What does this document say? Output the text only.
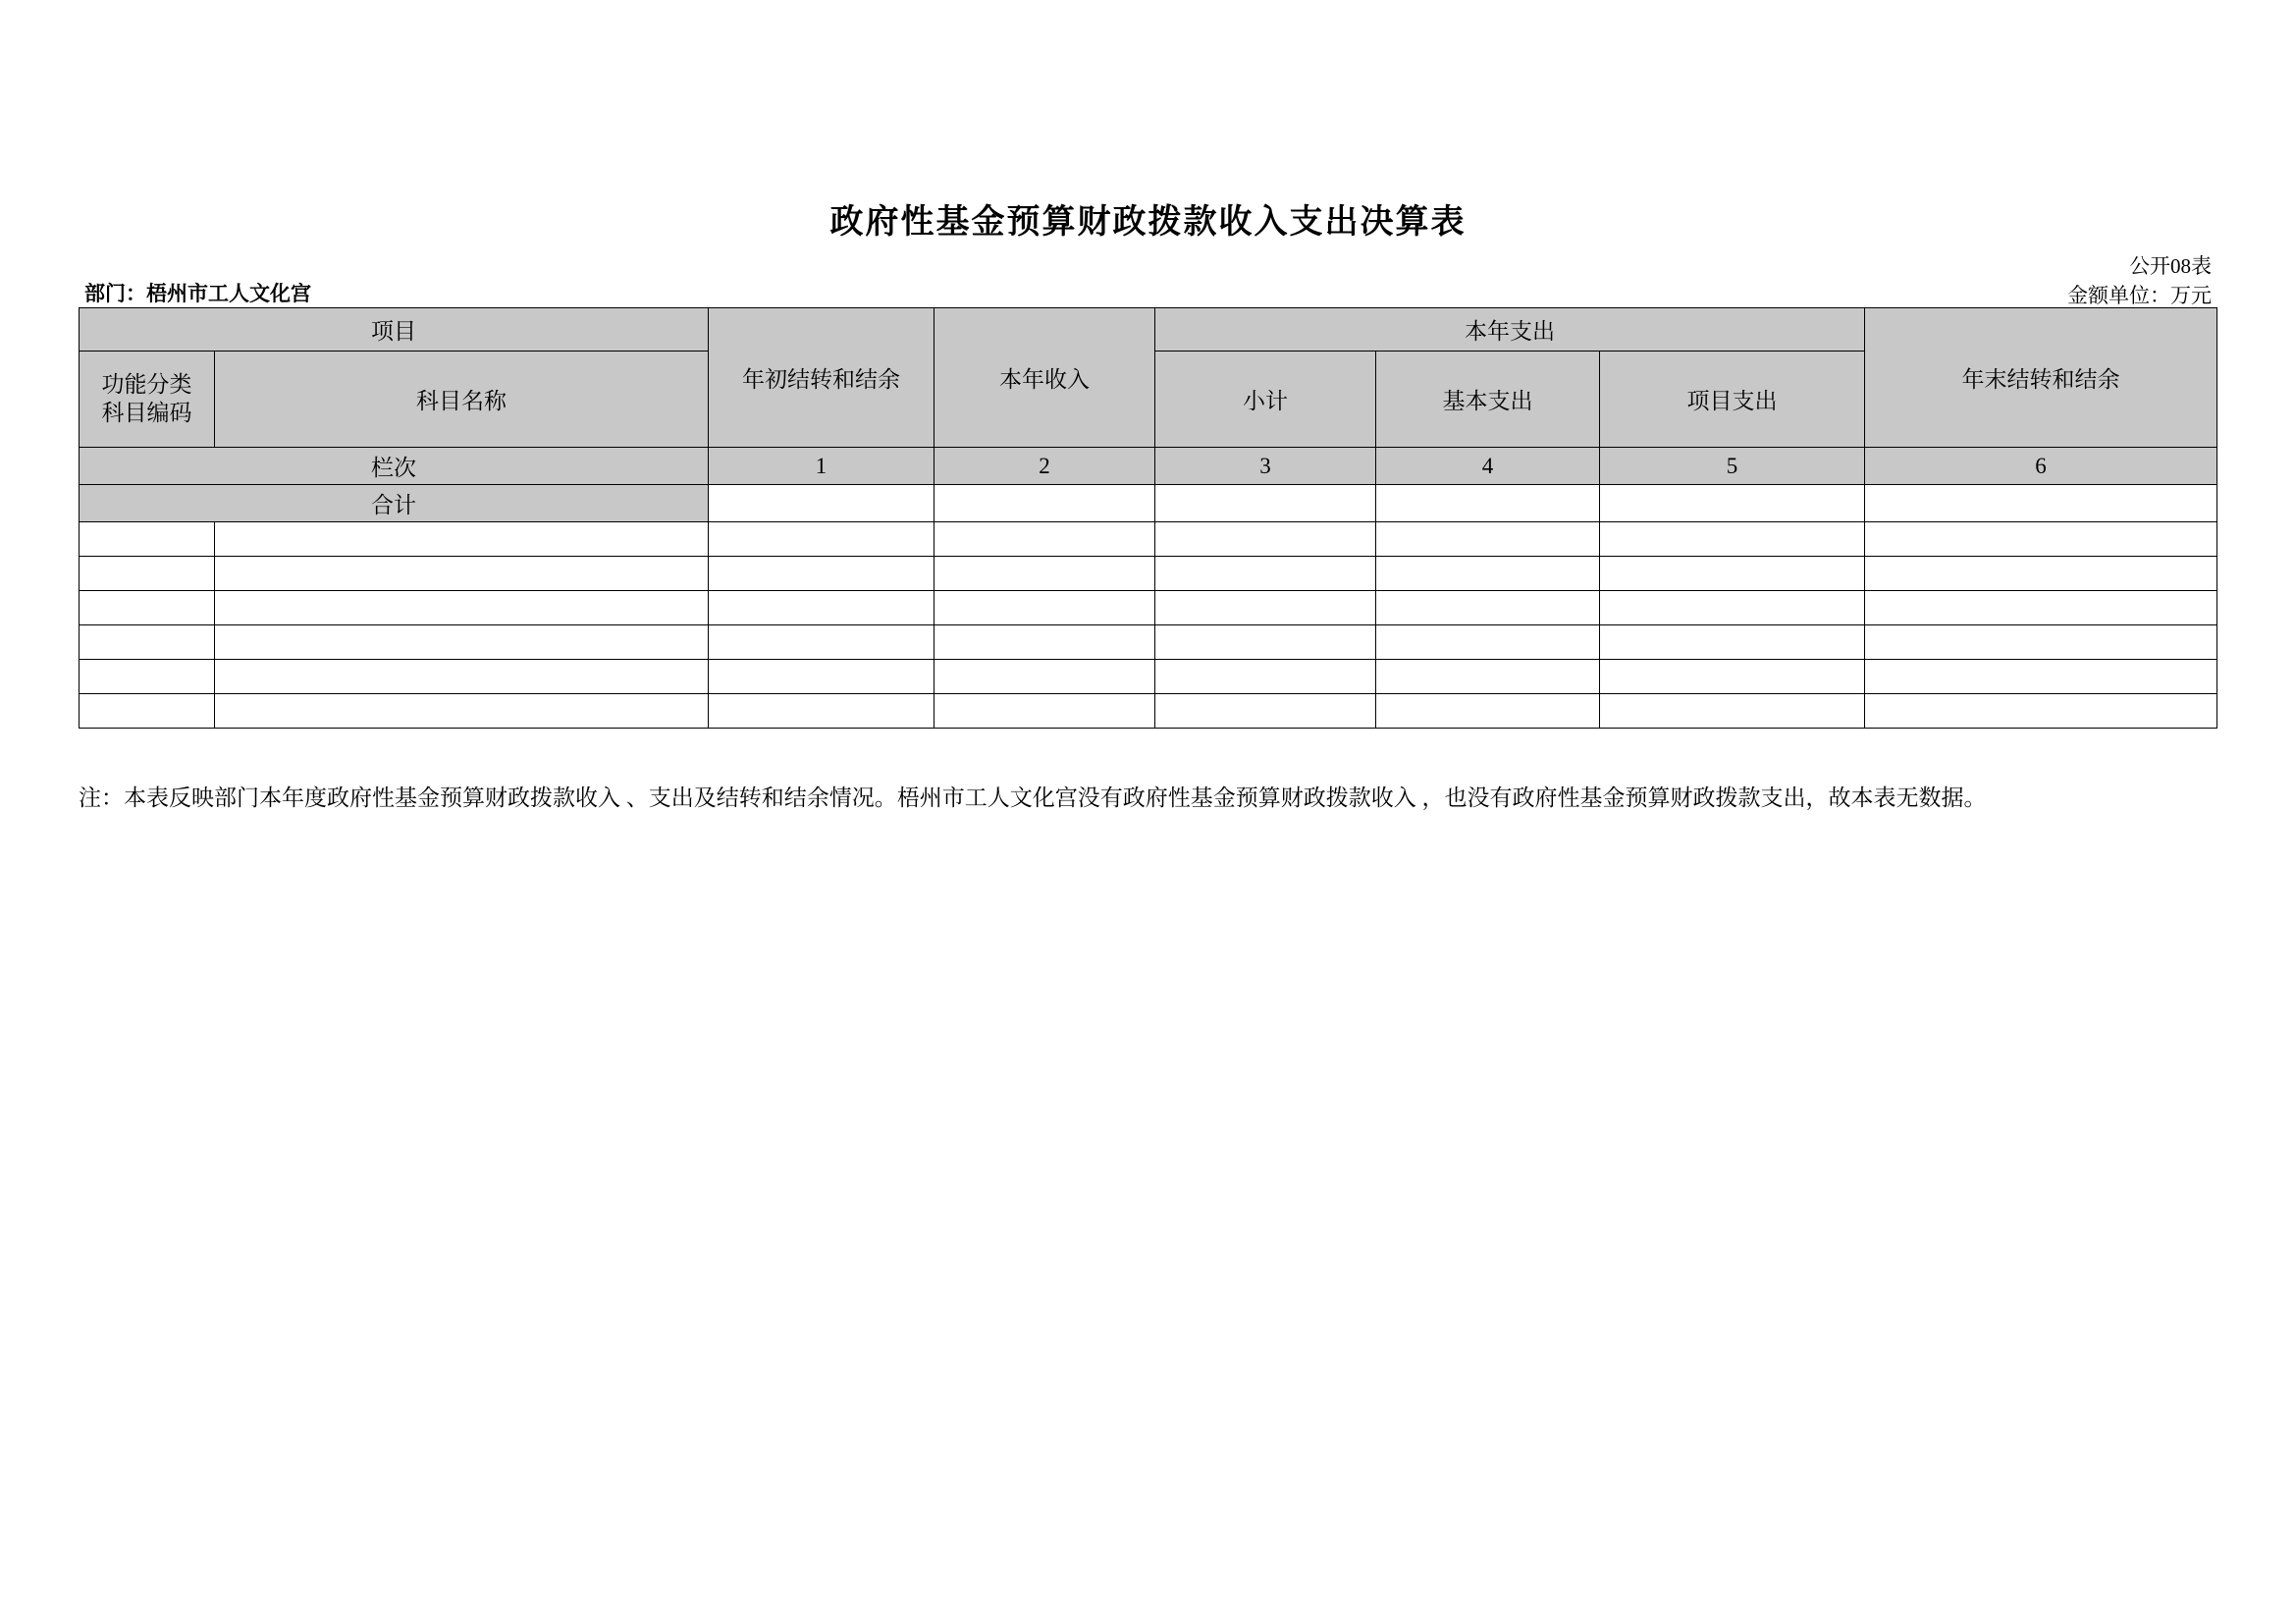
政府性基金预算财政拨款收入支出决算表
公开08表
金额单位：万元
部门：梧州市工人文化宫
项目		年初结转和结余	本年收入	本年支出			年末结转和结余

功能分类
科目编码	科目名称			小计	基本支出	项目支出	
栏次		1	2	3	4	5	6
合计							

注：本表反映部门本年度政府性基金预算财政拨款收入 、支出及结转和结余情况。梧州市工人文化宫没有政府性基金预算财政拨款收入 ，也没有政府性基金预算财政拨款支出，故本表无数据。
